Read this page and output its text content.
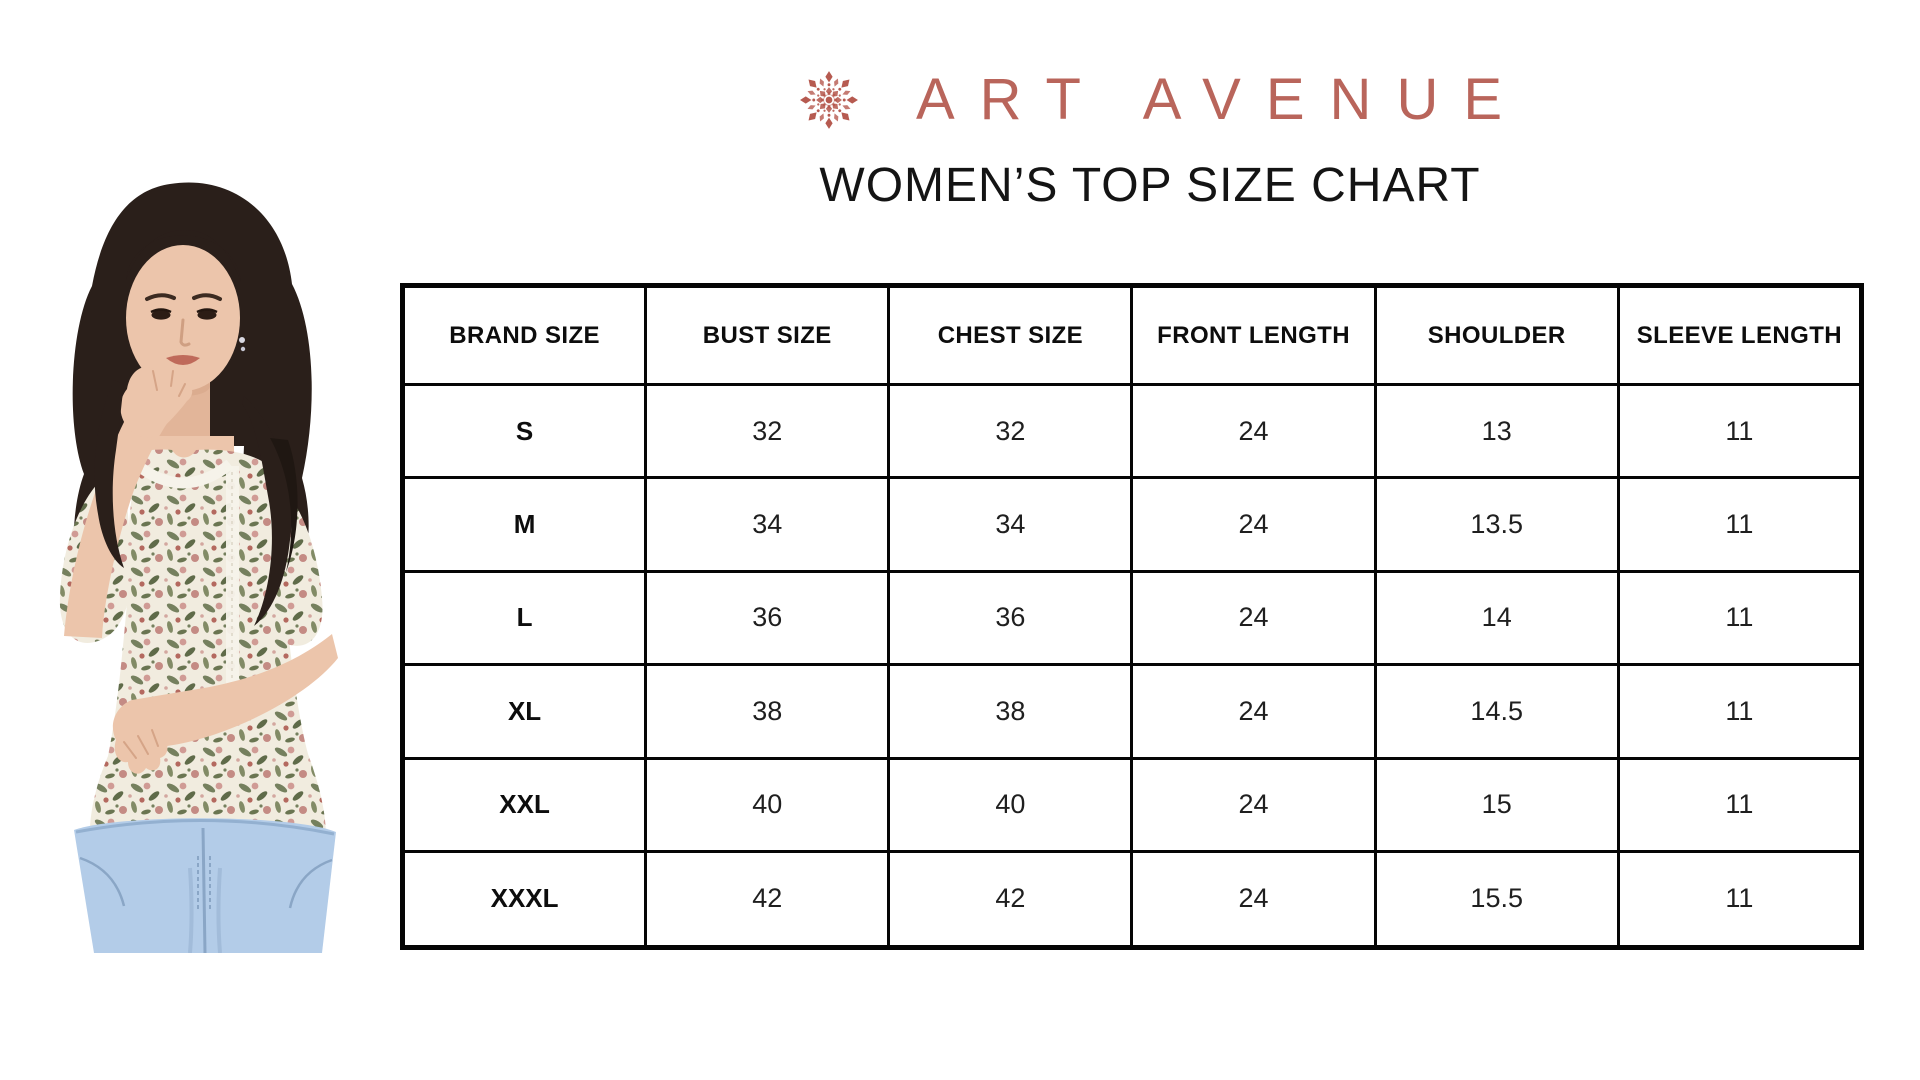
ART AVENUE
WOMEN’S TOP SIZE CHART
BRAND SIZE	BUST SIZE	CHEST SIZE	FRONT LENGTH	SHOULDER	SLEEVE LENGTH
S	32	32	24	13	11
M	34	34	24	13.5	11
L	36	36	24	14	11
XL	38	38	24	14.5	11
XXL	40	40	24	15	11
XXXL	42	42	24	15.5	11
